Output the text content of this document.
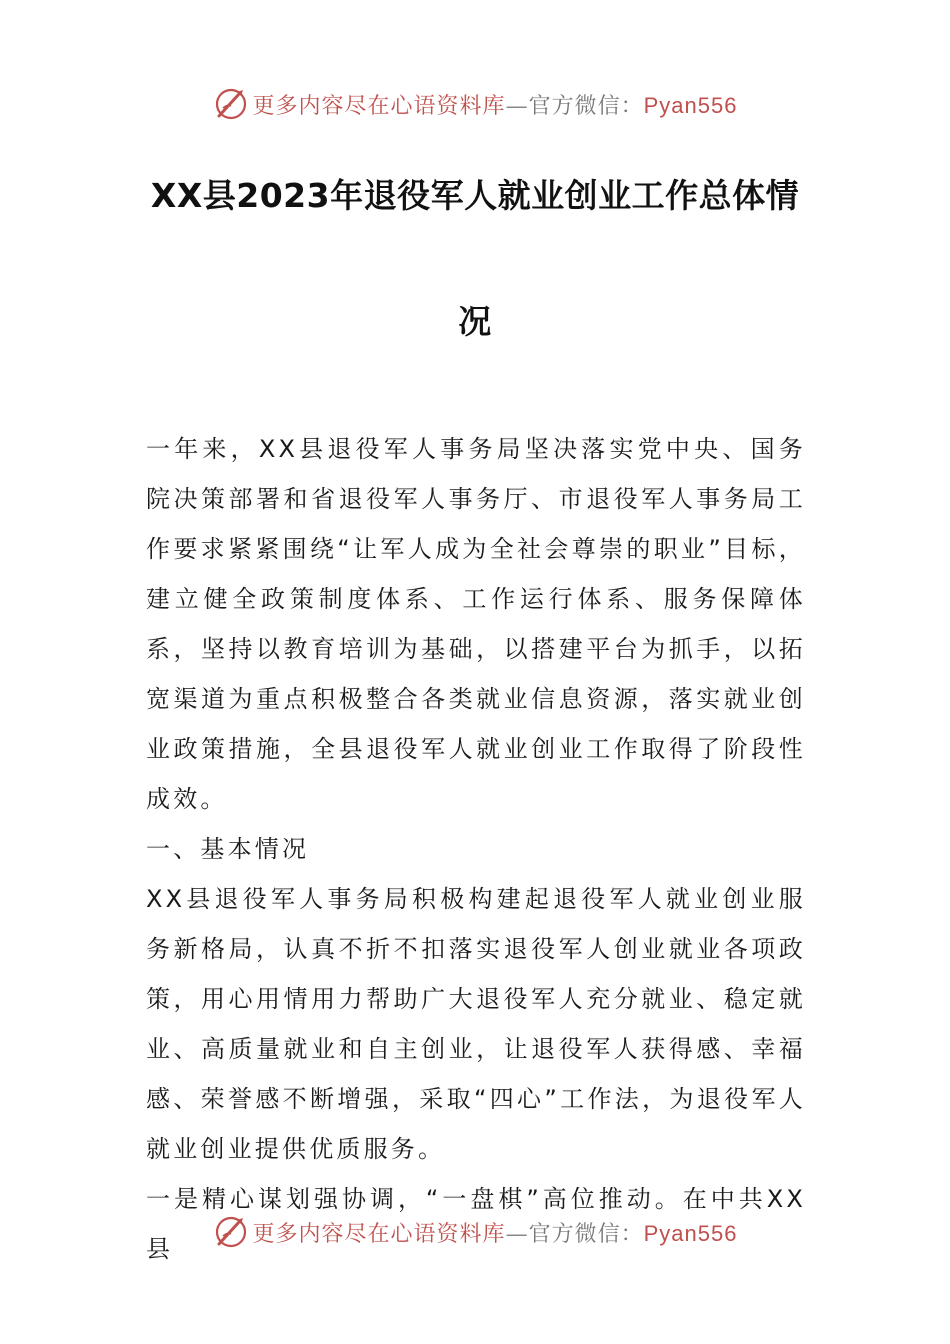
更多内容尽在心语资料库—官方微信：Pyan556
XX县2023年退役军人就业创业工作总体情
况

一年来，XX县退役军人事务局坚决落实党中央、国务院决策部署和省退役军人事务厅、市退役军人事务局工作要求紧紧围绕“让军人成为全社会尊崇的职业”目标，建立健全政策制度体系、工作运行体系、服务保障体系，坚持以教育培训为基础，以搭建平台为抓手，以拓宽渠道为重点积极整合各类就业信息资源，落实就业创业政策措施，全县退役军人就业创业工作取得了阶段性成效。

一、基本情况

XX县退役军人事务局积极构建起退役军人就业创业服务新格局，认真不折不扣落实退役军人创业就业各项政策，用心用情用力帮助广大退役军人充分就业、稳定就业、高质量就业和自主创业，让退役军人获得感、幸福感、荣誉感不断增强，采取“四心”工作法，为退役军人就业创业提供优质服务。

一是精心谋划强协调，“一盘棋”高位推动。在中共XX县

更多内容尽在心语资料库—官方微信：Pyan556
